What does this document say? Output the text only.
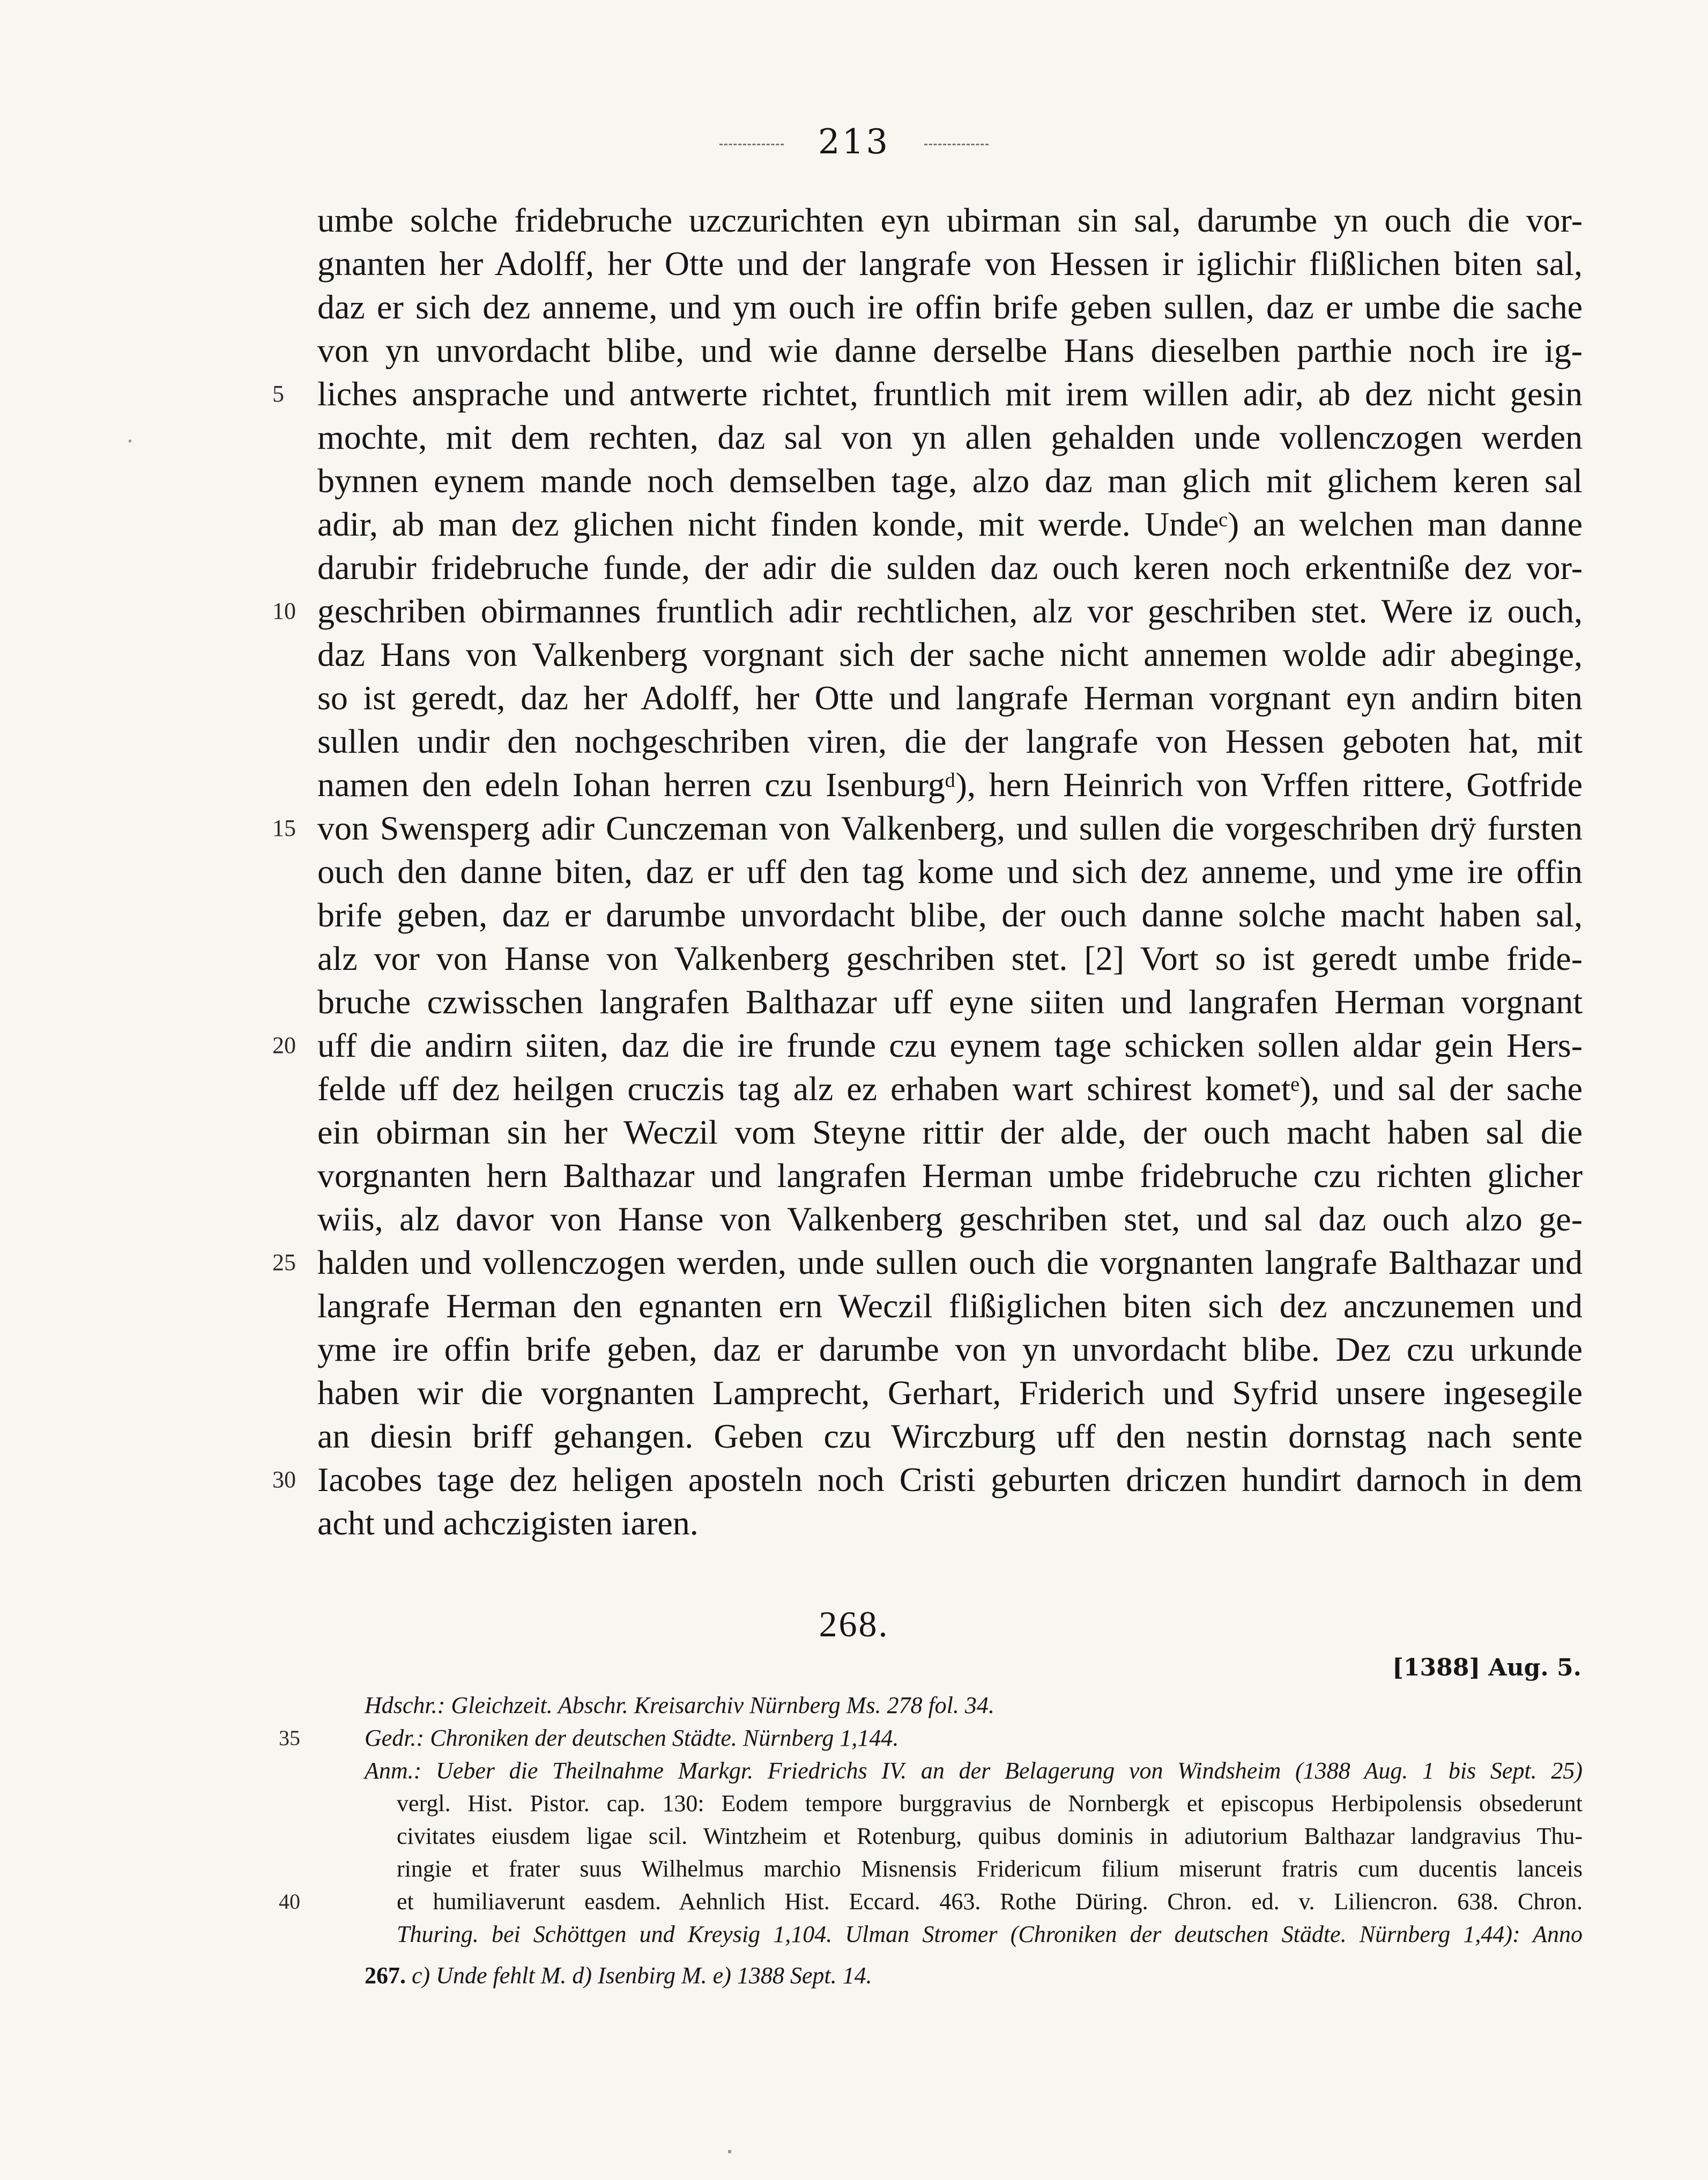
213
umbe solche fridebruche uzczurichten eyn ubirman sin sal, darumbe yn ouch die vor-
gnanten her Adolff, her Otte und der langrafe von Hessen ir iglichir flißlichen biten sal,
daz er sich dez anneme, und ym ouch ire offin brife geben sullen, daz er umbe die sache
von yn unvordacht blibe, und wie danne derselbe Hans dieselben parthie noch ire ig-
5 liches ansprache und antwerte richtet, fruntlich mit irem willen adir, ab dez nicht gesin
mochte, mit dem rechten, daz sal von yn allen gehalden unde vollenczogen werden
bynnen eynem mande noch demselben tage, alzo daz man glich mit glichem keren sal
adir, ab man dez glichen nicht finden konde, mit werde. Undeᶜ) an welchen man danne
darubir fridebruche funde, der adir die sulden daz ouch keren noch erkentniße dez vor-
10 geschriben obirmannes fruntlich adir rechtlichen, alz vor geschriben stet. Were iz ouch,
daz Hans von Valkenberg vorgnant sich der sache nicht annemen wolde adir abeginge,
so ist geredt, daz her Adolff, her Otte und langrafe Herman vorgnant eyn andirn biten
sullen undir den nochgeschriben viren, die der langrafe von Hessen geboten hat, mit
namen den edeln Iohan herren czu Isenburgᵈ), hern Heinrich von Vrffen rittere, Gotfride
15 von Swensperg adir Cunczeman von Valkenberg, und sullen die vorgeschriben drÿ fursten
ouch den danne biten, daz er uff den tag kome und sich dez anneme, und yme ire offin
brife geben, daz er darumbe unvordacht blibe, der ouch danne solche macht haben sal,
alz vor von Hanse von Valkenberg geschriben stet. [2] Vort so ist geredt umbe fride-
bruche czwisschen langrafen Balthazar uff eyne siiten und langrafen Herman vorgnant
20 uff die andirn siiten, daz die ire frunde czu eynem tage schicken sollen aldar gein Hers-
felde uff dez heilgen cruczis tag alz ez erhaben wart schirest kometᵉ), und sal der sache
ein obirman sin her Weczil vom Steyne rittir der alde, der ouch macht haben sal die
vorgnanten hern Balthazar und langrafen Herman umbe fridebruche czu richten glicher
wiis, alz davor von Hanse von Valkenberg geschriben stet, und sal daz ouch alzo ge-
25 halden und vollenczogen werden, unde sullen ouch die vorgnanten langrafe Balthazar und
langrafe Herman den egnanten ern Weczil flißiglichen biten sich dez anczunemen und
yme ire offin brife geben, daz er darumbe von yn unvordacht blibe. Dez czu urkunde
haben wir die vorgnanten Lamprecht, Gerhart, Friderich und Syfrid unsere ingesegile
an diesin briff gehangen. Geben czu Wirczburg uff den nestin dornstag nach sente
30 Iacobes tage dez heligen aposteln noch Cristi geburten driczen hundirt darnoch in dem
acht und achczigisten iaren.
268.
[1388] Aug. 5.
Hdschr.: Gleichzeit. Abschr. Kreisarchiv Nürnberg Ms. 278 fol. 34.
35	Gedr.: Chroniken der deutschen Städte. Nürnberg 1,144.
Anm.: Ueber die Theilnahme Markgr. Friedrichs IV. an der Belagerung von Windsheim (1388 Aug. 1 bis Sept. 25)
vergl. Hist. Pistor. cap. 130: Eodem tempore burggravius de Nornbergk et episcopus Herbipolensis obsederunt
civitates eiusdem ligae scil. Wintzheim et Rotenburg, quibus dominis in adiutorium Balthazar landgravius Thu-
ringie et frater suus Wilhelmus marchio Misnensis Fridericum filium miserunt fratris cum ducentis lanceis
40	et humiliaverunt easdem. Aehnlich Hist. Eccard. 463. Rothe Düring. Chron. ed. v. Liliencron. 638. Chron.
Thuring. bei Schöttgen und Kreysig 1,104. Ulman Stromer (Chroniken der deutschen Städte. Nürnberg 1,44): Anno
267. c) Unde fehlt M. d) Isenbirg M. e) 1388 Sept. 14.
